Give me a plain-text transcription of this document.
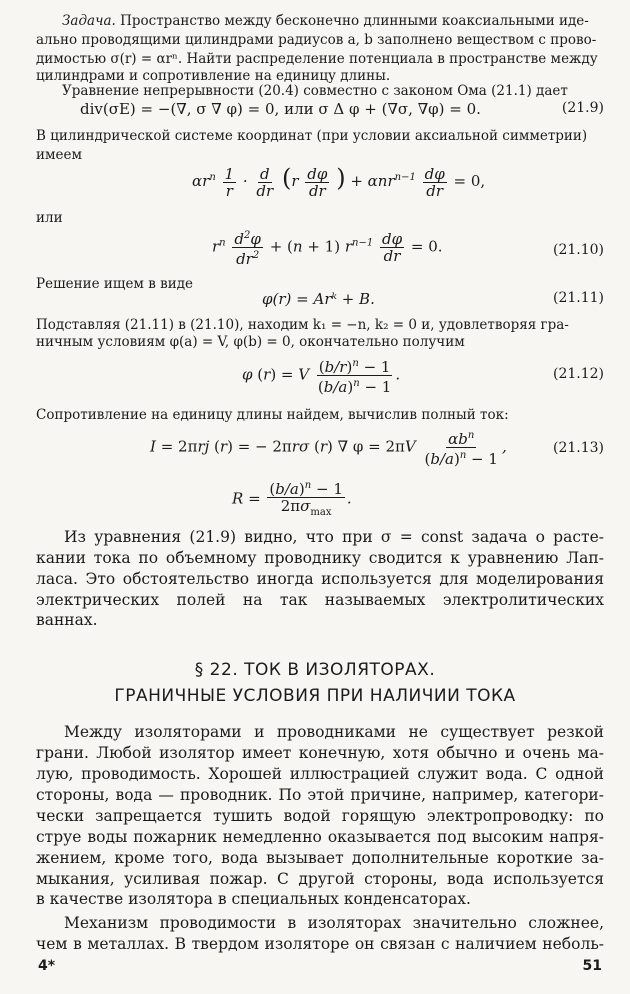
Задача. Пространство между бесконечно длинными коаксиальными иде-
ально проводящими цилиндрами радиусов a, b заполнено веществом с прово-
димостью σ(r) = αrⁿ. Найти распределение потенциала в пространстве между
цилиндрами и сопротивление на единицу длины.
Уравнение непрерывности (20.4) совместно с законом Ома (21.1) дает
div(σE) = −(∇, σ ∇ φ) = 0, или σ Δ φ + (∇σ, ∇φ) = 0.	(21.9)
В цилиндрической системе координат (при условии аксиальной симметрии)
имеем
$\alpha r^n \frac{1}{r} \cdot \frac{d}{dr} (r \frac{d\varphi}{dr}$ ) + $\alpha nr^{n-1} \frac{d\varphi}{dr} = 0$,
или
$r^n \frac{d^2\varphi}{dr^2} + (n + 1)$ $r^{n-1} \frac{d\varphi}{dr} = 0$.	(21.10)
Решение ищем в виде
φ(r) = Arᵏ + B.	(21.11)
Подставляя (21.11) в (21.10), находим k₁ = −n, k₂ = 0 и, удовлетворяя гра-
ничным условиям φ(a) = V, φ(b) = 0, окончательно получим
φ (r) = V $\frac{(b/r)^n - 1}{(b/a)^n - 1}$ .	(21.12)
Сопротивление на единицу длины найдем, вычислив полный ток:
I = 2πrj (r) = − 2πrσ (r) ∇ $\varphi = 2\pi V \frac{\alpha b^n}{(b/a)^n - 1}$ ,	(21.13)
$R = \frac{(b/a)^n - 1}{2\pi\sigma_{max}}$ .
Из уравнения (21.9) видно, что при σ = const задача о расте-
кании тока по объемному проводнику сводится к уравнению Лап-
ласа. Это обстоятельство иногда используется для моделирования
электрических полей на так называемых электролитических
ваннах.
§ 22. ТОК В ИЗОЛЯТОРАХ.
ГРАНИЧНЫЕ УСЛОВИЯ ПРИ НАЛИЧИИ ТОКА
Между изоляторами и проводниками не существует резкой
грани. Любой изолятор имеет конечную, хотя обычно и очень ма-
лую, проводимость. Хорошей иллюстрацией служит вода. С одной
стороны, вода — проводник. По этой причине, например, категори-
чески запрещается тушить водой горящую электропроводку: по
струе воды пожарник немедленно оказывается под высоким напря-
жением, кроме того, вода вызывает дополнительные короткие за-
мыкания, усиливая пожар. С другой стороны, вода используется
в качестве изолятора в специальных конденсаторах.
Механизм проводимости в изоляторах значительно сложнее,
чем в металлах. В твердом изоляторе он связан с наличием неболь-
4*	51
